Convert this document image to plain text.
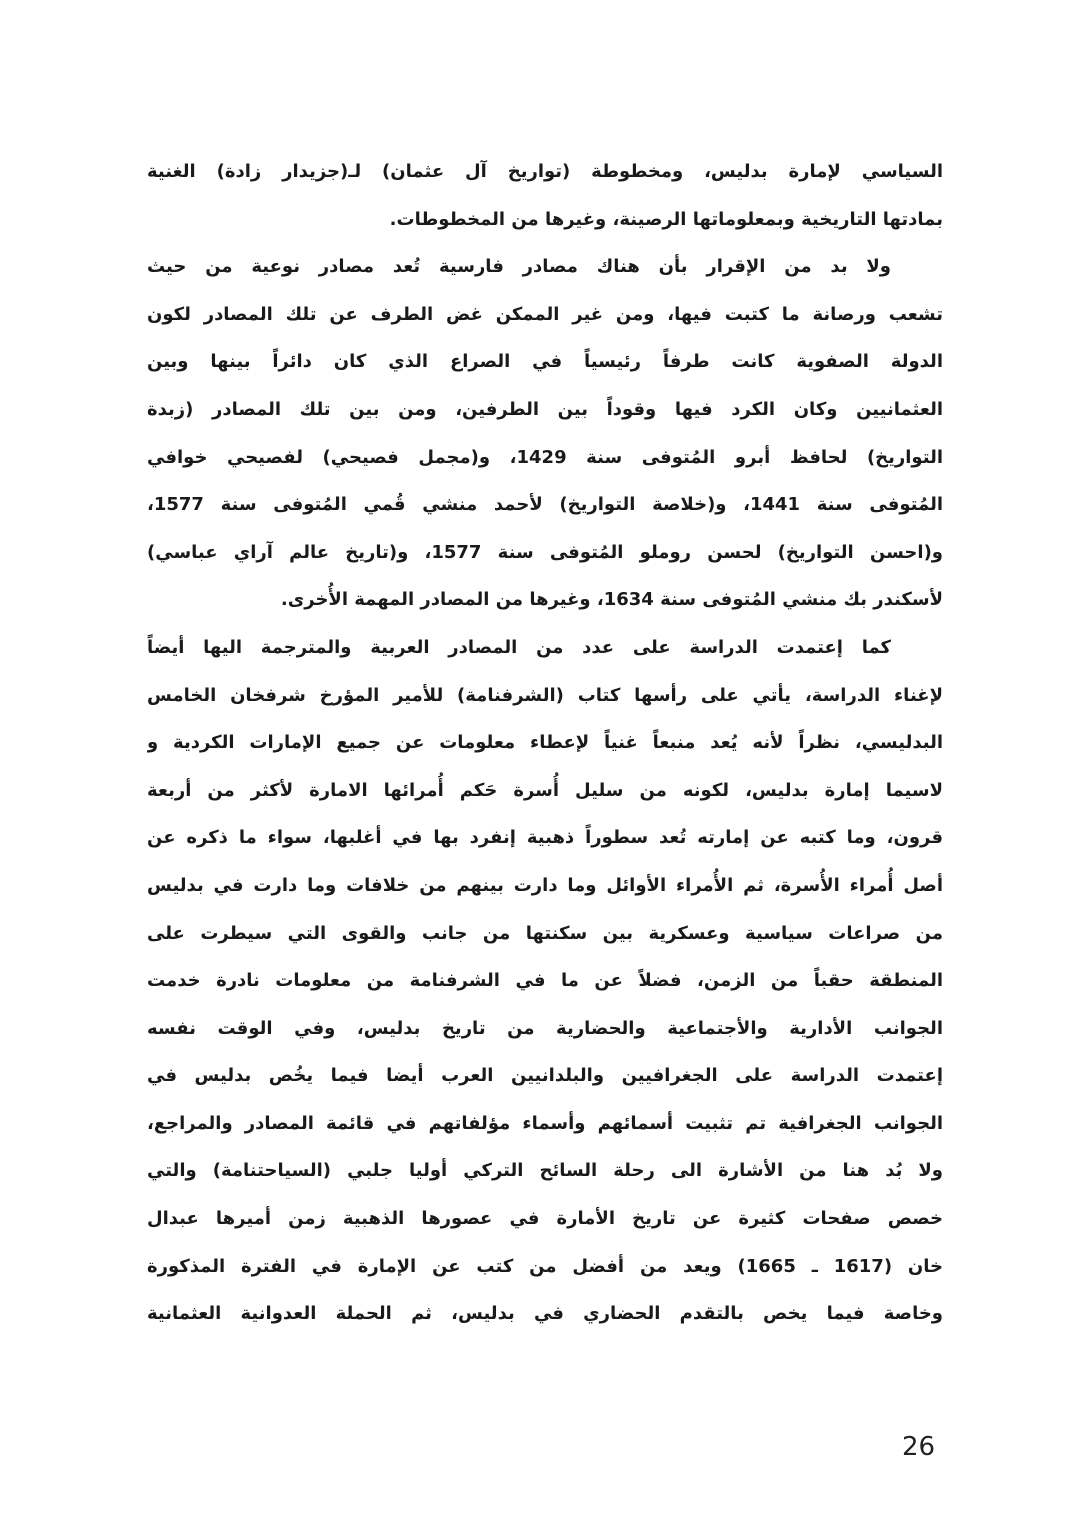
السياسي لإمارة بدليس، ومخطوطة (تواريخ آل عثمان) لـ(جزيدار زادة) الغنية
بمادتها التاريخية وبمعلوماتها الرصينة، وغيرها من المخطوطات.
ولا بد من الإقرار بأن هناك مصادر فارسية تُعد مصادر نوعية من حيث
تشعب ورصانة ما كتبت فيها، ومن غير الممكن غض الطرف عن تلك المصادر لكون
الدولة الصفوية كانت طرفاً رئيسياً في الصراع الذي كان دائراً بينها وبين
العثمانيين وكان الكرد فيها وقوداً بين الطرفين، ومن بين تلك المصادر (زبدة
التواريخ) لحافظ أبرو المُتوفى سنة 1429، و(مجمل فصيحي) لفصيحي خوافي
المُتوفى سنة 1441، و(خلاصة التواريخ) لأحمد منشي قُمي المُتوفى سنة 1577،
و(احسن التواريخ) لحسن روملو المُتوفى سنة 1577، و(تاريخ عالم آراي عباسي)
لأسكندر بك منشي المُتوفى سنة 1634، وغيرها من المصادر المهمة الأُخرى.
كما إعتمدت الدراسة على عدد من المصادر العربية والمترجمة اليها أيضاً
لإغناء الدراسة، يأتي على رأسها كتاب (الشرفنامة) للأمير المؤرخ شرفخان الخامس
البدليسي، نظراً لأنه يُعد منبعاً غنياً لإعطاء معلومات عن جميع الإمارات الكردية و
لاسيما إمارة بدليس، لكونه من سليل أُسرة حَكم أُمرائها الامارة لأكثر من أربعة
قرون، وما كتبه عن إمارته تُعد سطوراً ذهبية إنفرد بها في أغلبها، سواء ما ذكره عن
أصل أُمراء الأُسرة، ثم الأُمراء الأوائل وما دارت بينهم من خلافات وما دارت في بدليس
من صراعات سياسية وعسكرية بين سكنتها من جانب والقوى التي سيطرت على
المنطقة حقباً من الزمن، فضلاً عن ما في الشرفنامة من معلومات نادرة خدمت
الجوانب الأدارية والأجتماعية والحضارية من تاريخ بدليس، وفي الوقت نفسه
إعتمدت الدراسة على الجغرافيين والبلدانيين العرب أيضا فيما يخُص بدليس في
الجوانب الجغرافية تم تثبيت أسمائهم وأسماء مؤلفاتهم في قائمة المصادر والمراجع،
ولا بُد هنا من الأشارة الى رحلة السائح التركي أوليا جلبي (السياحتنامة) والتي
خصص صفحات كثيرة عن تاريخ الأمارة في عصورها الذهبية زمن أميرها عبدال
خان (1617 ـ 1665) ويعد من أفضل من كتب عن الإمارة في الفترة المذكورة
وخاصة فيما يخص بالتقدم الحضاري في بدليس، ثم الحملة العدوانية العثمانية
26
